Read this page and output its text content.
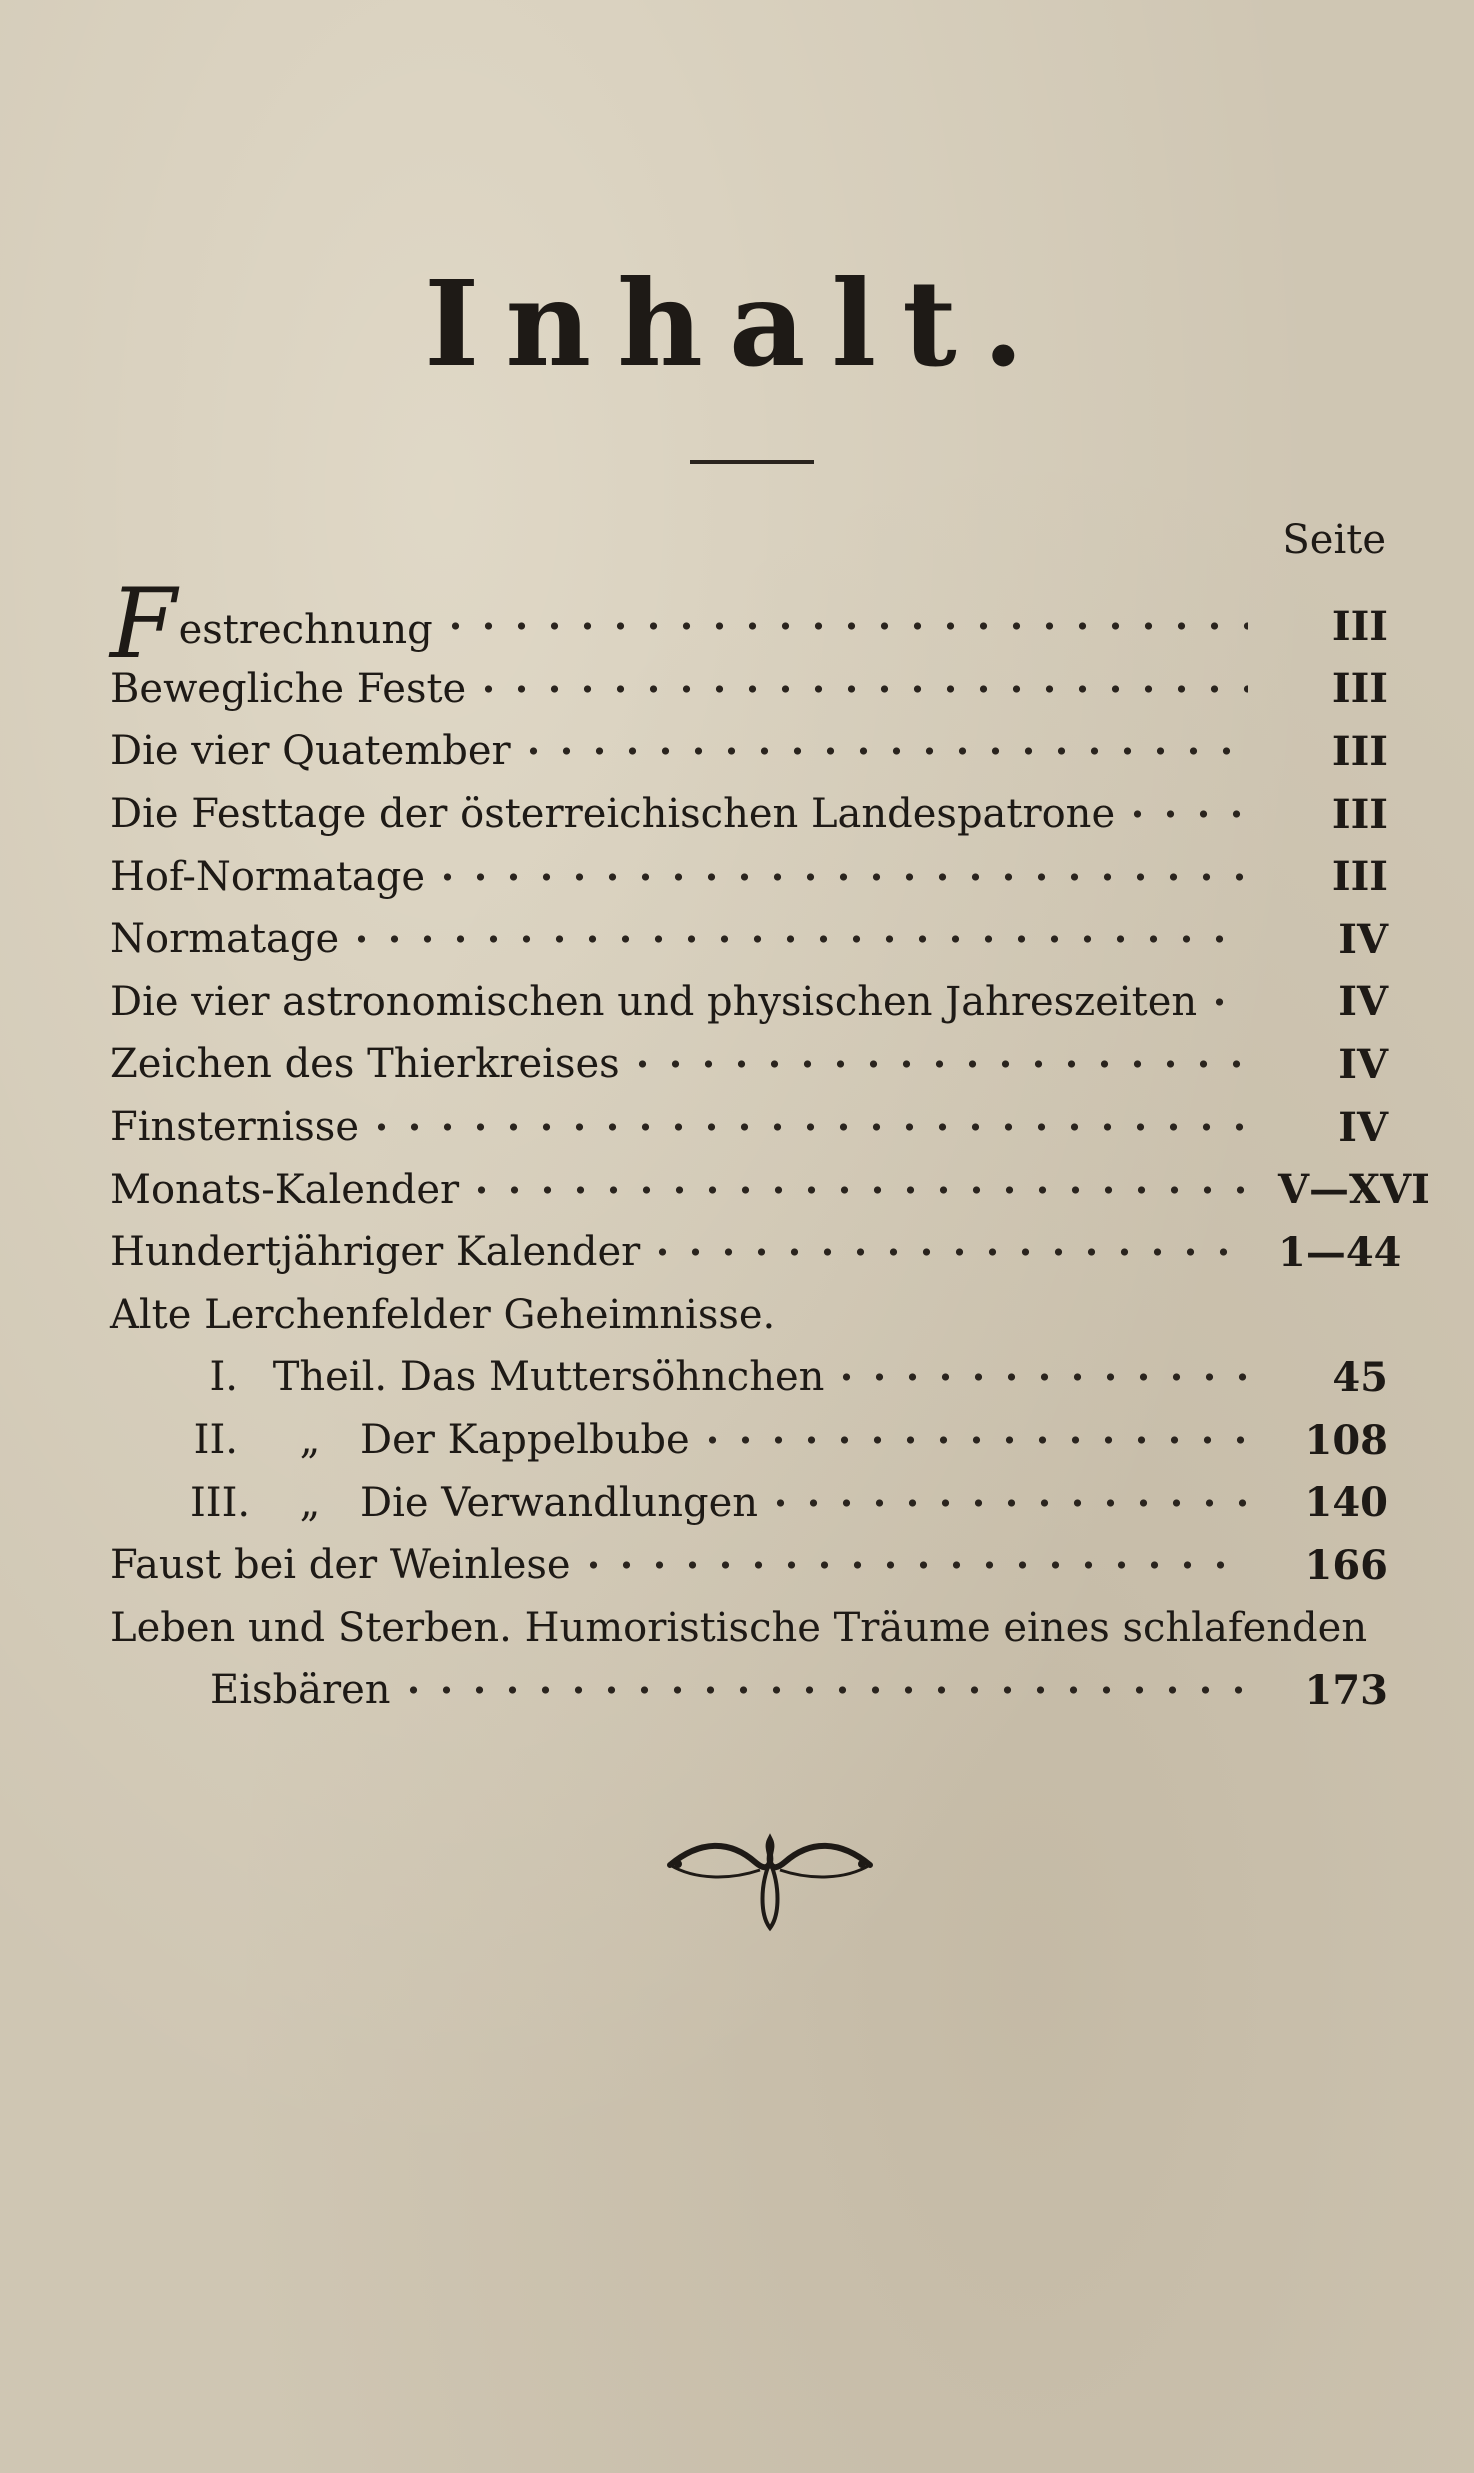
Inhalt.
Seite
Festrechnung	III
Bewegliche Feste	III
Die vier Quatember	III
Die Festtage der österreichischen Landespatrone	III
Hof-Normatage	III
Normatage	IV
Die vier astronomischen und physischen Jahreszeiten	IV
Zeichen des Thierkreises	IV
Finsternisse	IV
Monats-Kalender	V—XVI
Hundertjähriger Kalender	1—44
Alte Lerchenfelder Geheimnisse.
I. Theil. Das Muttersöhnchen	45
II. „ Der Kappelbube	108
III. „ Die Verwandlungen	140
Faust bei der Weinlese	166
Leben und Sterben. Humoristische Träume eines schlafenden
Eisbären	173
